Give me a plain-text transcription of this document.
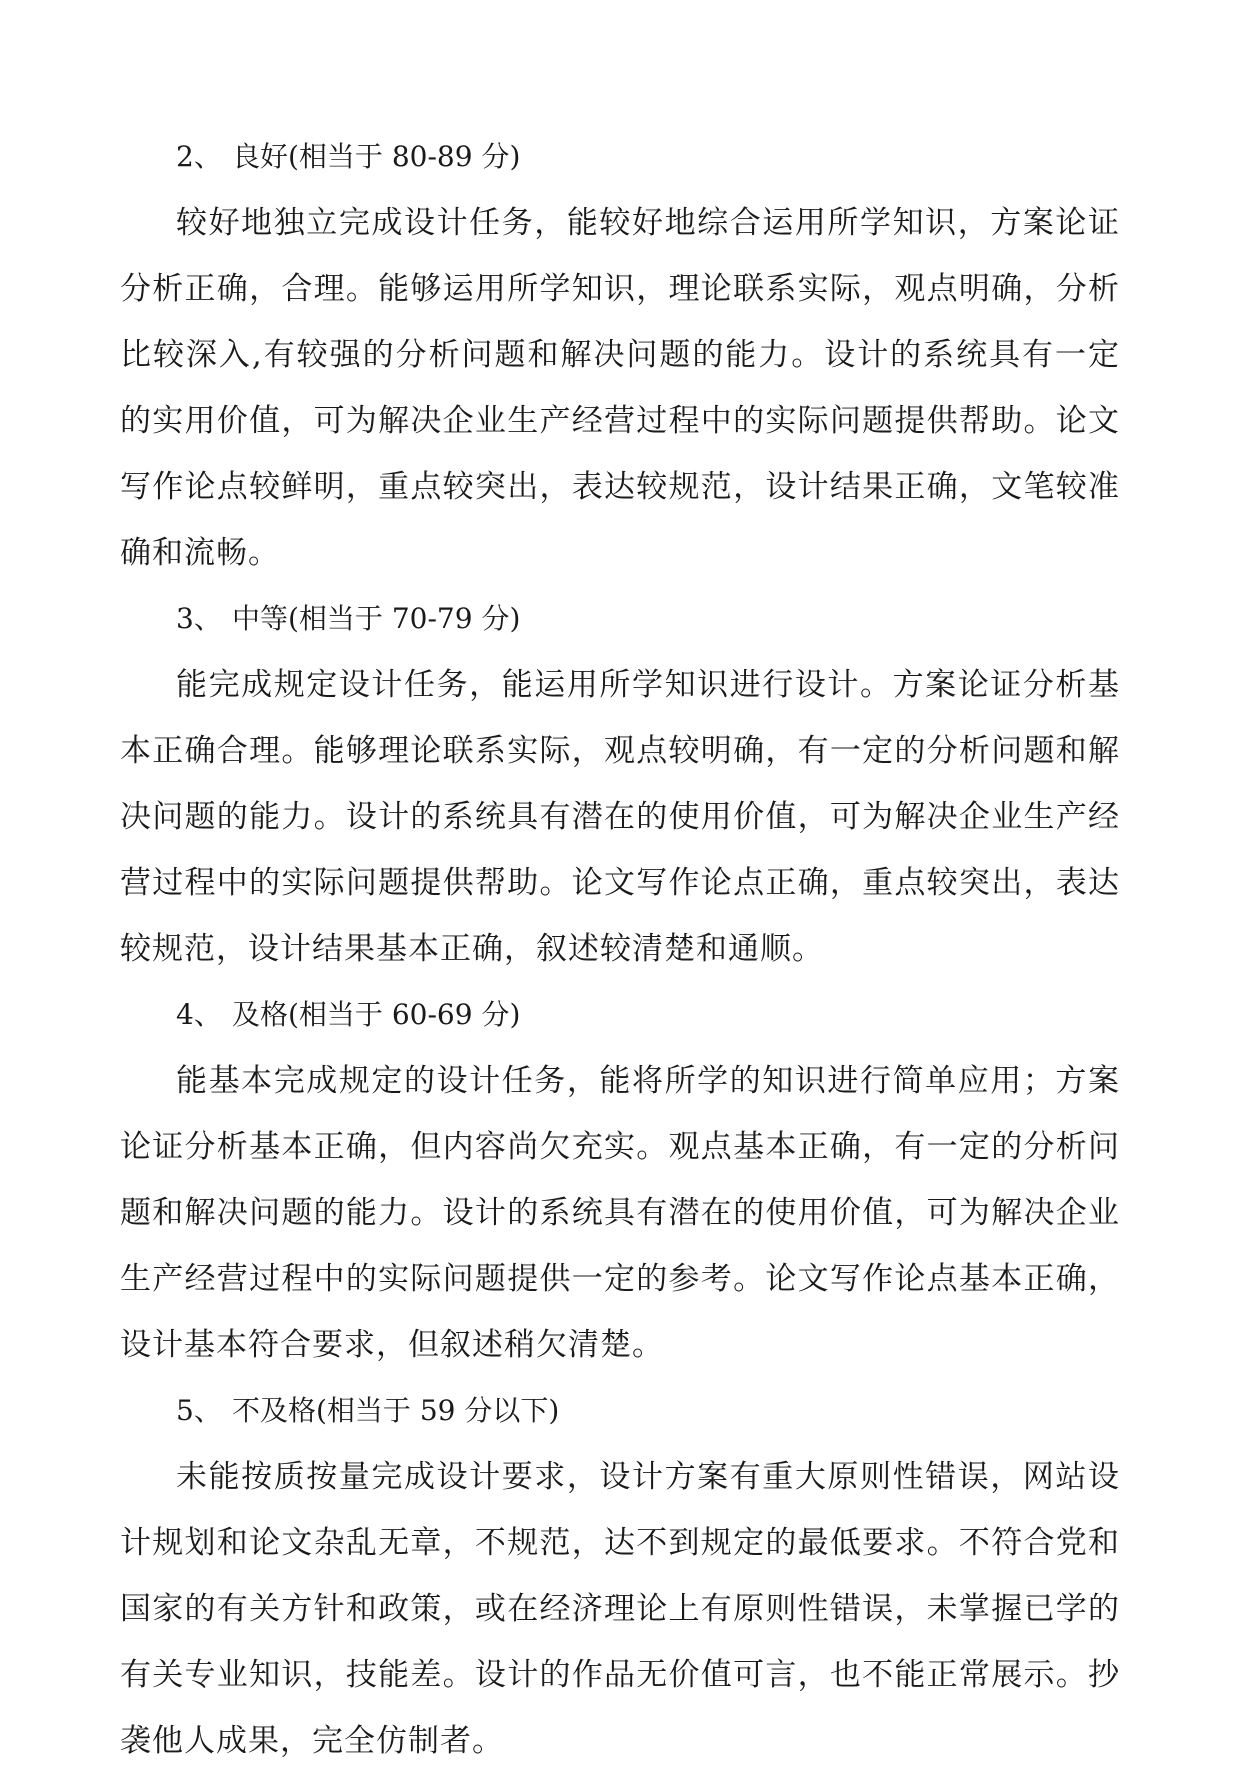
2、 良好(相当于 80-89 分)

较好地独立完成设计任务，能较好地综合运用所学知识，方案论证分析正确，合理。能够运用所学知识，理论联系实际，观点明确，分析比较深入,有较强的分析问题和解决问题的能力。设计的系统具有一定的实用价值，可为解决企业生产经营过程中的实际问题提供帮助。论文写作论点较鲜明，重点较突出，表达较规范，设计结果正确，文笔较准确和流畅。

3、 中等(相当于 70-79 分)

能完成规定设计任务，能运用所学知识进行设计。方案论证分析基本正确合理。能够理论联系实际，观点较明确，有一定的分析问题和解决问题的能力。设计的系统具有潜在的使用价值，可为解决企业生产经营过程中的实际问题提供帮助。论文写作论点正确，重点较突出，表达较规范，设计结果基本正确，叙述较清楚和通顺。

4、 及格(相当于 60-69 分)

能基本完成规定的设计任务，能将所学的知识进行简单应用；方案论证分析基本正确，但内容尚欠充实。观点基本正确，有一定的分析问题和解决问题的能力。设计的系统具有潜在的使用价值，可为解决企业生产经营过程中的实际问题提供一定的参考。论文写作论点基本正确，设计基本符合要求，但叙述稍欠清楚。

5、 不及格(相当于 59 分以下)

未能按质按量完成设计要求，设计方案有重大原则性错误，网站设计规划和论文杂乱无章，不规范，达不到规定的最低要求。不符合党和国家的有关方针和政策，或在经济理论上有原则性错误，未掌握已学的有关专业知识，技能差。设计的作品无价值可言，也不能正常展示。抄袭他人成果，完全仿制者。
